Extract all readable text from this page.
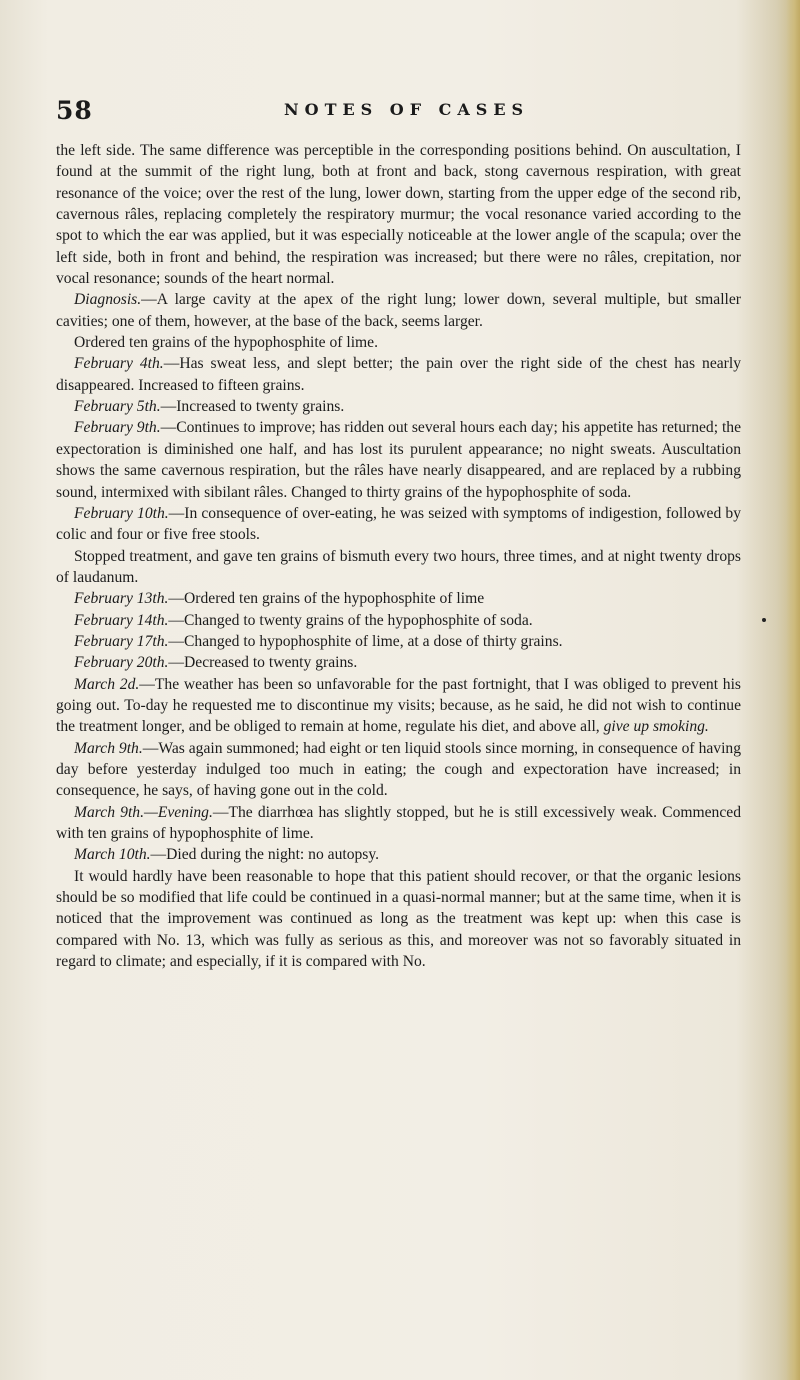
58	NOTES OF CASES

the left side. The same difference was perceptible in the corresponding positions behind. On auscultation, I found at the summit of the right lung, both at front and back, stong cavernous respiration, with great resonance of the voice; over the rest of the lung, lower down, starting from the upper edge of the second rib, cavernous râles, replacing completely the respiratory murmur; the vocal resonance varied according to the spot to which the ear was applied, but it was especially noticeable at the lower angle of the scapula; over the left side, both in front and behind, the respiration was increased; but there were no râles, crepitation, nor vocal resonance; sounds of the heart normal.

Diagnosis.—A large cavity at the apex of the right lung; lower down, several multiple, but smaller cavities; one of them, however, at the base of the back, seems larger.

Ordered ten grains of the hypophosphite of lime.

February 4th.—Has sweat less, and slept better; the pain over the right side of the chest has nearly disappeared. Increased to fifteen grains.

February 5th.—Increased to twenty grains.

February 9th.—Continues to improve; has ridden out several hours each day; his appetite has returned; the expectoration is diminished one half, and has lost its purulent appearance; no night sweats. Auscultation shows the same cavernous respiration, but the râles have nearly disappeared, and are replaced by a rubbing sound, intermixed with sibilant râles. Changed to thirty grains of the hypophosphite of soda.

February 10th.—In consequence of over-eating, he was seized with symptoms of indigestion, followed by colic and four or five free stools.

Stopped treatment, and gave ten grains of bismuth every two hours, three times, and at night twenty drops of laudanum.

February 13th.—Ordered ten grains of the hypophosphite of lime

February 14th.—Changed to twenty grains of the hypophosphite of soda.

February 17th.—Changed to hypophosphite of lime, at a dose of thirty grains.

February 20th.—Decreased to twenty grains.

March 2d.—The weather has been so unfavorable for the past fortnight, that I was obliged to prevent his going out. To-day he requested me to discontinue my visits; because, as he said, he did not wish to continue the treatment longer, and be obliged to remain at home, regulate his diet, and above all, give up smoking.

March 9th.—Was again summoned; had eight or ten liquid stools since morning, in consequence of having day before yesterday indulged too much in eating; the cough and expectoration have increased; in consequence, he says, of having gone out in the cold.

March 9th.—Evening.—The diarrhœa has slightly stopped, but he is still excessively weak. Commenced with ten grains of hypophosphite of lime.

March 10th.—Died during the night: no autopsy.

It would hardly have been reasonable to hope that this patient should recover, or that the organic lesions should be so modified that life could be continued in a quasi-normal manner; but at the same time, when it is noticed that the improvement was continued as long as the treatment was kept up: when this case is compared with No. 13, which was fully as serious as this, and moreover was not so favorably situated in regard to climate; and especially, if it is compared with No.
